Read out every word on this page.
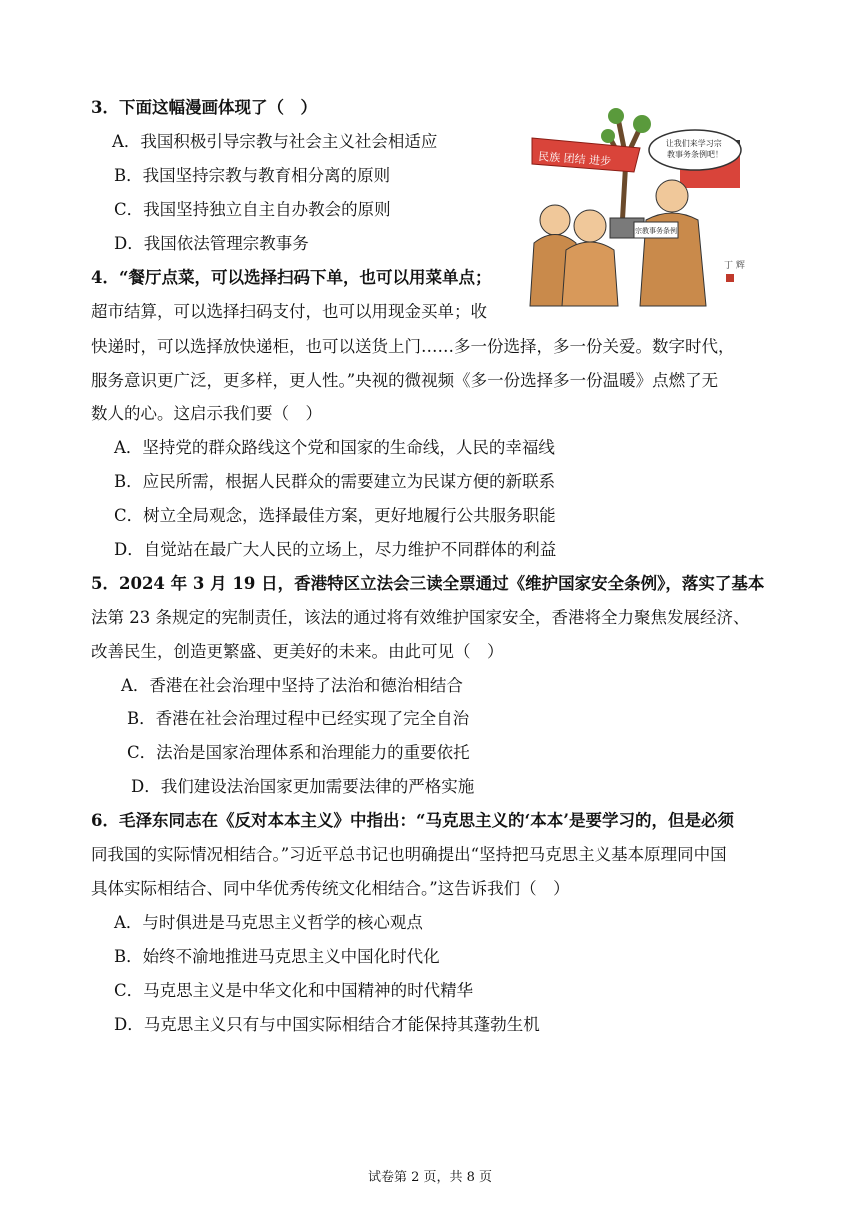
3．下面这幅漫画体现了（　）
A．我国积极引导宗教与社会主义社会相适应
B．我国坚持宗教与教育相分离的原则
C．我国坚持独立自主自办教会的原则
D．我国依法管理宗教事务
民族 团结 进步
让我们来学习宗 教事务条例吧！
宗教事务条例
丁 辉
4．“餐厅点菜，可以选择扫码下单，也可以用菜单点；
超市结算，可以选择扫码支付，也可以用现金买单；收
快递时，可以选择放快递柜，也可以送货上门……多一份选择，多一份关爱。数字时代，
服务意识更广泛，更多样，更人性。”央视的微视频《多一份选择多一份温暖》点燃了无
数人的心。这启示我们要（　）
A．坚持党的群众路线这个党和国家的生命线，人民的幸福线
B．应民所需，根据人民群众的需要建立为民谋方便的新联系
C．树立全局观念，选择最佳方案，更好地履行公共服务职能
D．自觉站在最广大人民的立场上，尽力维护不同群体的利益
5．2024 年 3 月 19 日，香港特区立法会三读全票通过《维护国家安全条例》，落实了基本
法第 23 条规定的宪制责任，该法的通过将有效维护国家安全，香港将全力聚焦发展经济、
改善民生，创造更繁盛、更美好的未来。由此可见（　）
A．香港在社会治理中坚持了法治和德治相结合
B．香港在社会治理过程中已经实现了完全自治
C．法治是国家治理体系和治理能力的重要依托
D．我们建设法治国家更加需要法律的严格实施
6．毛泽东同志在《反对本本主义》中指出：“马克思主义的‘本本’是要学习的，但是必须
同我国的实际情况相结合。”习近平总书记也明确提出“坚持把马克思主义基本原理同中国
具体实际相结合、同中华优秀传统文化相结合。”这告诉我们（　）
A．与时俱进是马克思主义哲学的核心观点
B．始终不渝地推进马克思主义中国化时代化
C．马克思主义是中华文化和中国精神的时代精华
D．马克思主义只有与中国实际相结合才能保持其蓬勃生机
试卷第 2 页，共 8 页
